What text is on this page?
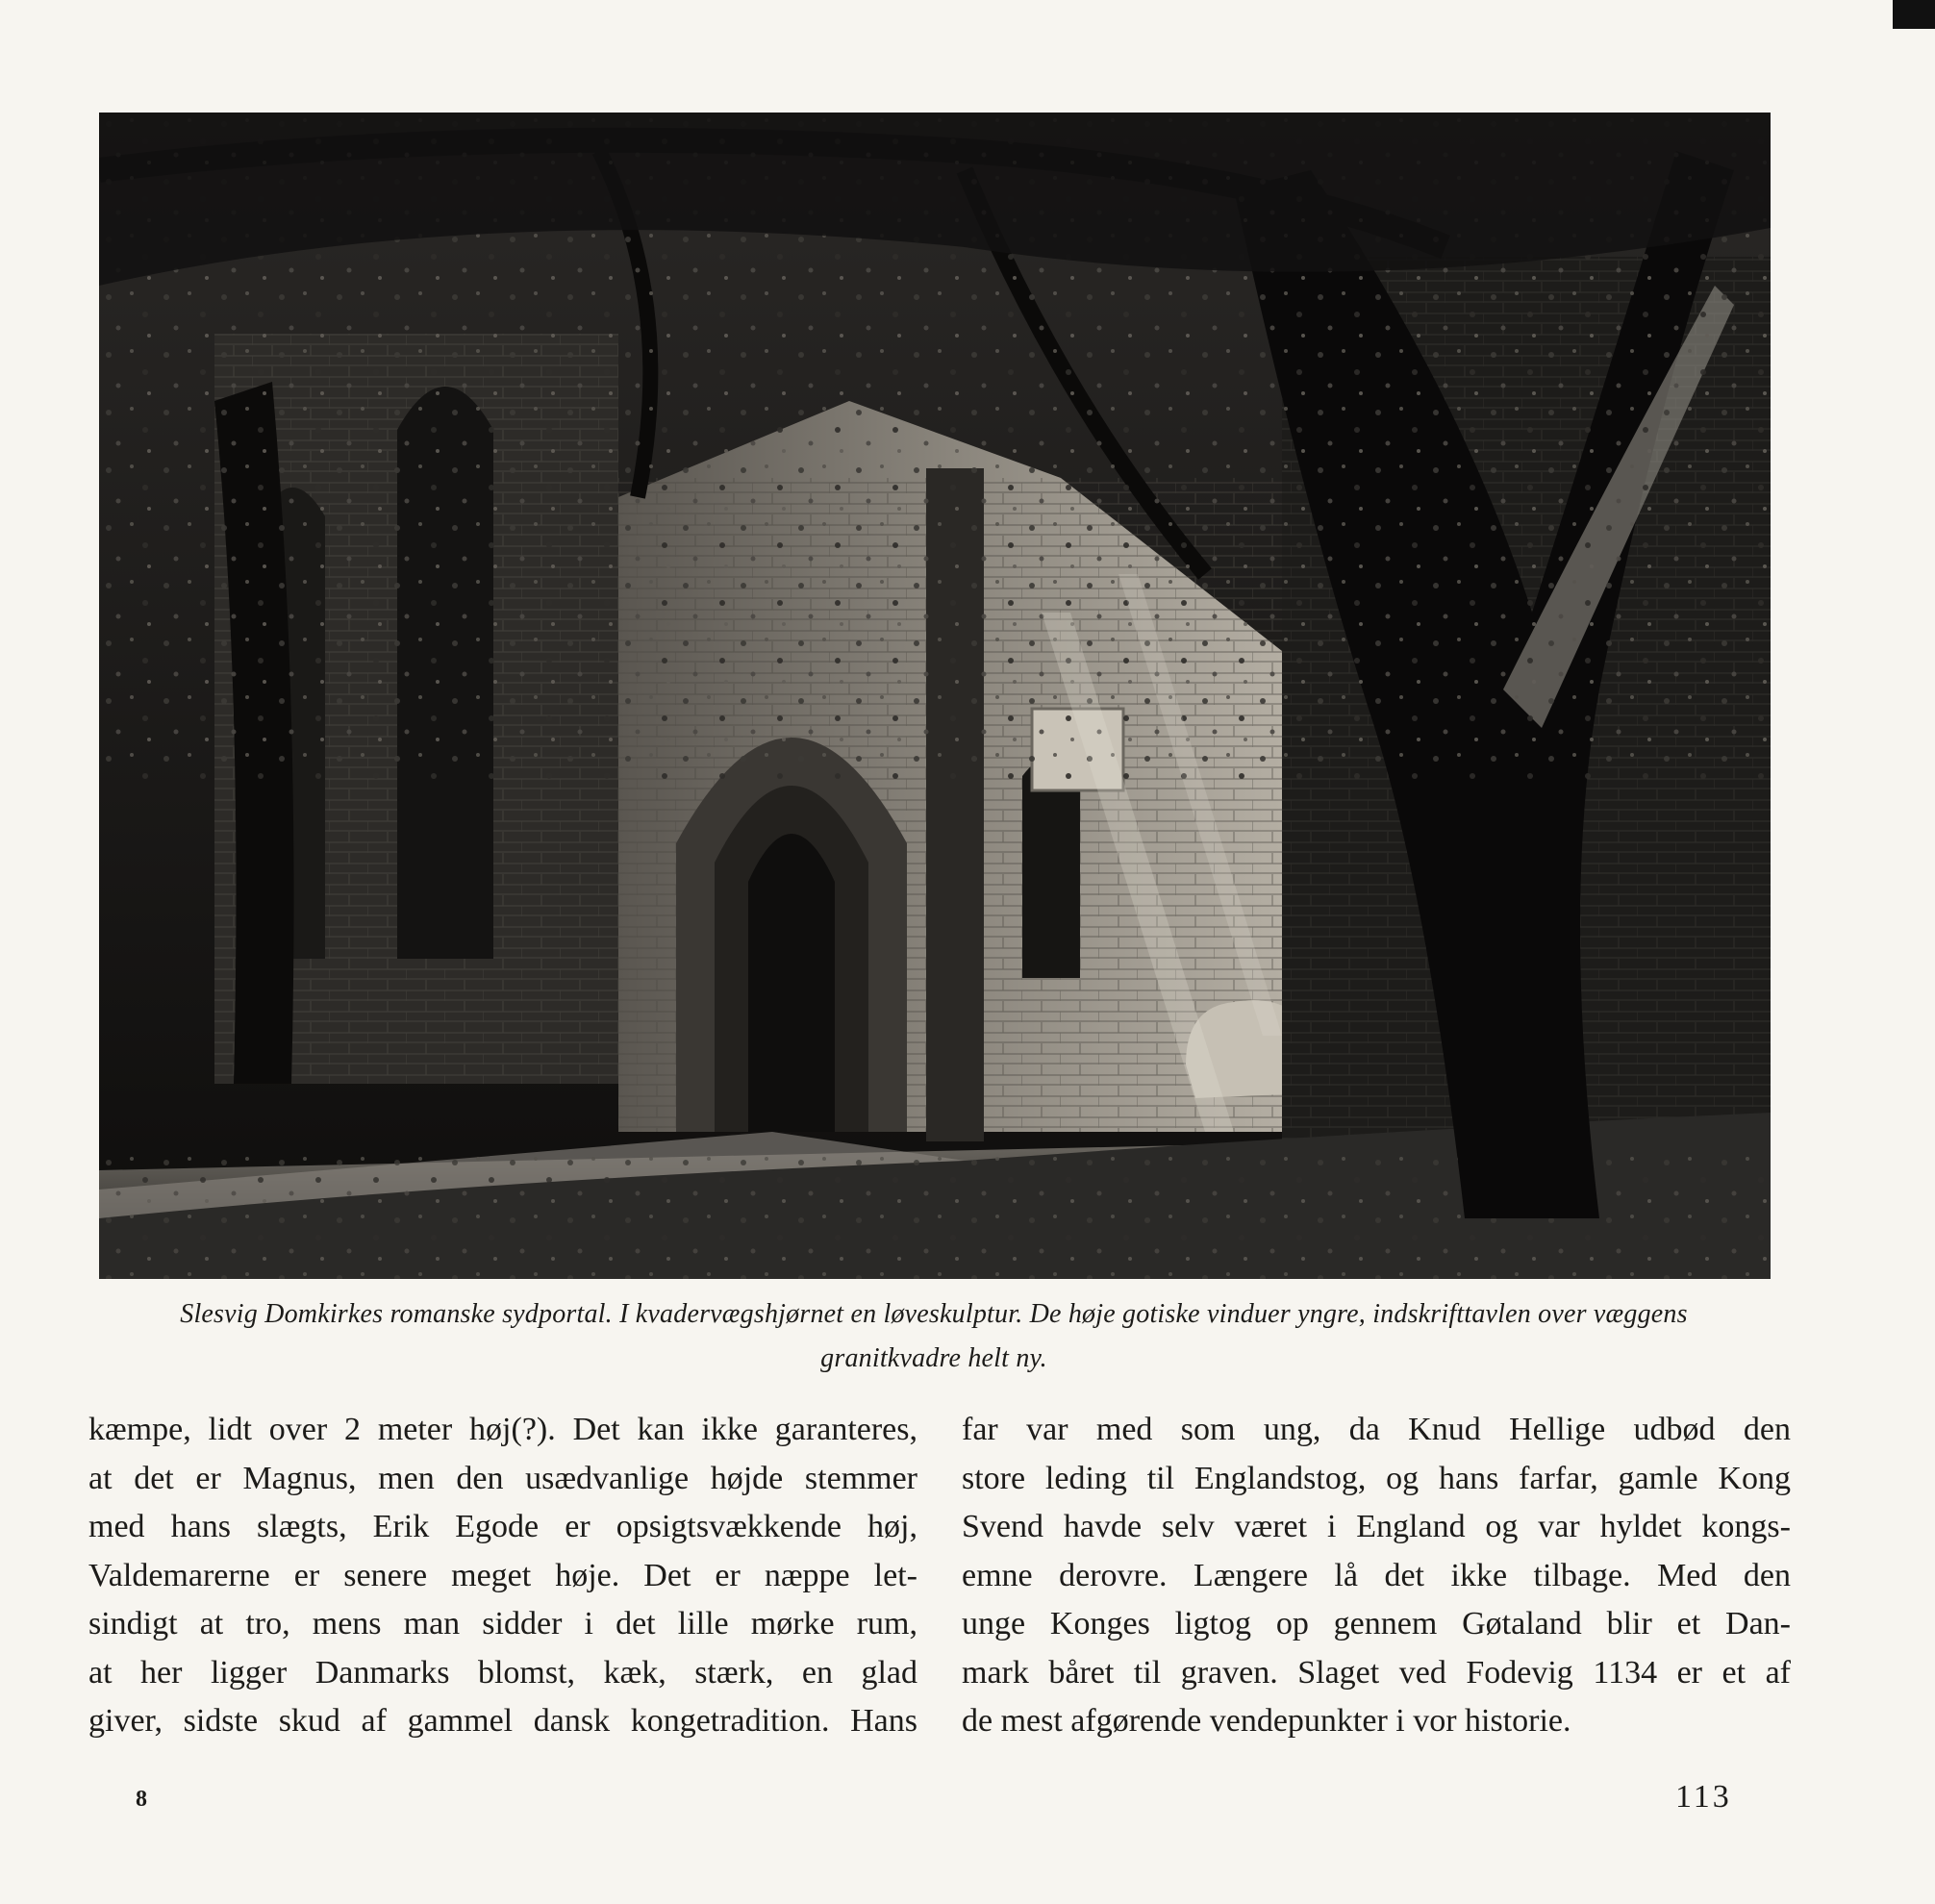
Slesvig Domkirkes romanske sydportal. I kvadervægshjørnet en løveskulptur. De høje gotiske vinduer yngre, indskrifttavlen over væggens
granitkvadre helt ny.
kæmpe, lidt over 2 meter høj(?). Det kan ikke garanteres,
at det er Magnus, men den usædvanlige højde stemmer
med hans slægts, Erik Egode er opsigtsvækkende høj,
Valdemarerne er senere meget høje. Det er næppe let-
sindigt at tro, mens man sidder i det lille mørke rum,
at her ligger Danmarks blomst, kæk, stærk, en glad
giver, sidste skud af gammel dansk kongetradition. Hans
far var med som ung, da Knud Hellige udbød den
store leding til Englandstog, og hans farfar, gamle Kong
Svend havde selv været i England og var hyldet kongs-
emne derovre. Længere lå det ikke tilbage. Med den
unge Konges ligtog op gennem Gøtaland blir et Dan-
mark båret til graven. Slaget ved Fodevig 1134 er et af
de mest afgørende vendepunkter i vor historie.
8	113
